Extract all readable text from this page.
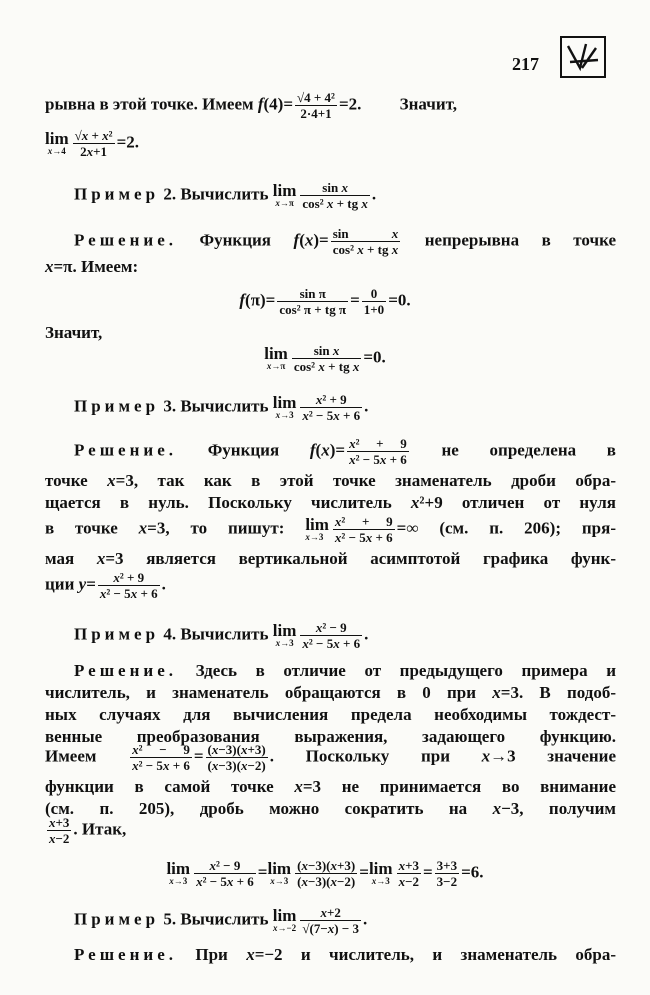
217
рывна в этой точке. Имеем $f(4)= \frac{\text{√4 + 4²}}{2\cdot 4+1} =2$.         Значит,
lim
$x\to 4 \frac{\text{√x + x²}}{2x+1} =2$.
Пример 2. Вычислить lim
$x\to\pi \frac{\text{sin x}}{\text{cos² x + tg x}}$ .
Решение. Функция $f(x)= \frac{\text{sin x}}{\text{cos² x + tg x}}$ непрерывна в точке
x=π. Имеем:
$f(\pi)= \frac{\text{sin π}}{\text{cos² π + tg π}} = \frac{0}{1+0} =0$.
Значит,
lim
$x\to\pi \frac{\text{sin x}}{\text{cos² x + tg x}} =0$.
Пример 3. Вычислить lim
$x\to 3 \frac{\text{x² + 9}}{\text{x² − 5x + 6}}$ .
Решение. Функция $f(x)= \frac{\text{x² + 9}}{\text{x² − 5x + 6}}$ не определена в
точке x=3, так как в этой точке знаменатель дроби обра-
щается в нуль. Поскольку числитель x²+9 отличен от нуля
в точке x=3, то пишут: lim
$x\to 3 \frac{\text{x² + 9}}{\text{x² − 5x + 6}}$ =∞ (см. п. 206); пря-
мая x=3 является вертикальной асимптотой графика функ-
ции $y= \frac{\text{x² + 9}}{\text{x² − 5x + 6}}$ .
Пример 4. Вычислить lim
$x\to 3 \frac{\text{x² − 9}}{\text{x² − 5x + 6}}$ .
Решение. Здесь в отличие от предыдущего примера и
числитель, и знаменатель обращаются в 0 при x=3. В подоб-
ных случаях для вычисления предела необходимы тождест-
венные преобразования выражения, задающего функцию.
Имеем $\frac{\text{x² − 9}}{\text{x² − 5x + 6}} = \frac{(x-3)(x+3)}{(x-3)(x-2)}$ . Поскольку при x→3 значение
функции в самой точке x=3 не принимается во внимание
(см. п. 205), дробь можно сократить на x−3, получим
$\frac{x+3}{x-2}$ . Итак,
lim
$x\to 3 \frac{\text{x² − 9}}{\text{x² − 5x + 6}} = \lim$
$x\to 3 \frac{(x-3)(x+3)}{(x-3)(x-2)} = \lim$
$x\to 3 \frac{x+3}{x-2} = \frac{3+3}{3-2} =6$.
Пример 5. Вычислить lim
$x\to-2 \frac{x+2}{√(7-x) - 3}$ .
Решение. При x=−2 и числитель, и знаменатель обра-
